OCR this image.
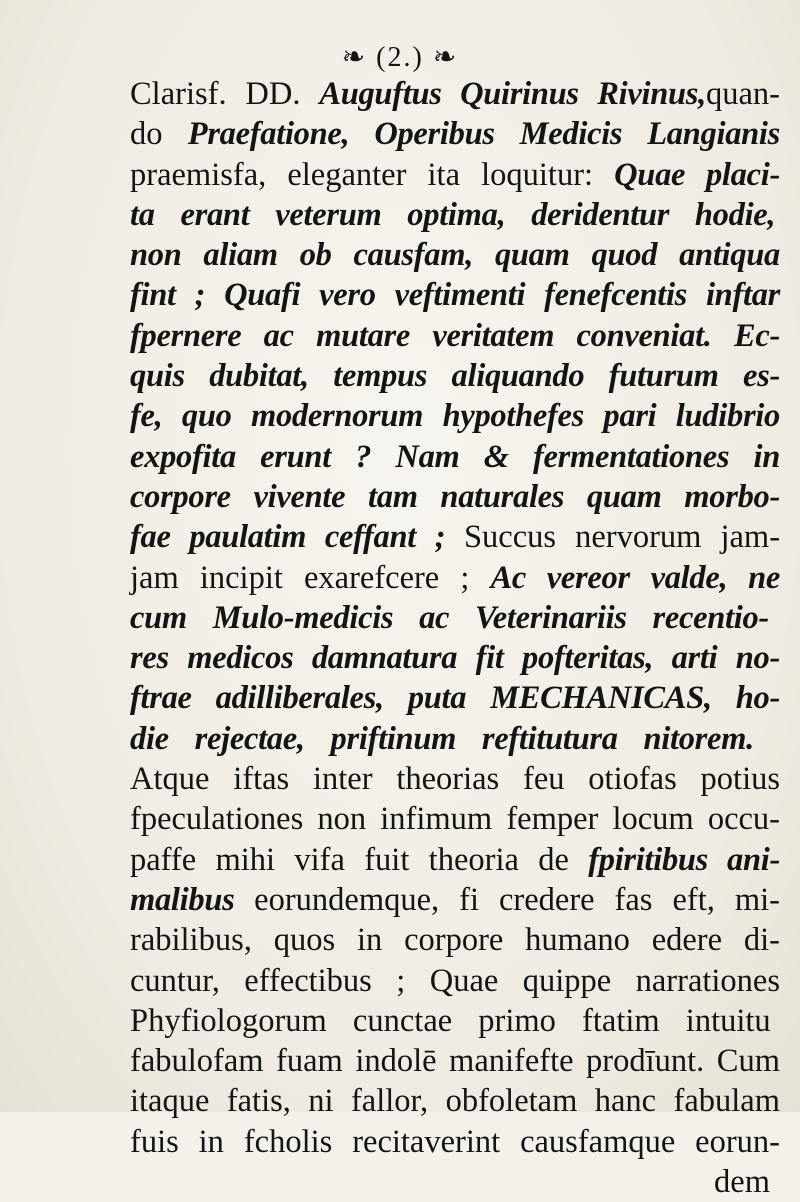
❧ (2.) ❧
Clarisf. DD. Auguftus Quirinus Rivinus,quan-
do Praefatione, Operibus Medicis Langianis
praemisfa, eleganter ita loquitur: Quae placi-
ta erant veterum optima, deridentur hodie,
non aliam ob causfam, quam quod antiqua
fint ; Quafi vero veftimenti fenefcentis inftar
fpernere ac mutare veritatem conveniat. Ec-
quis dubitat, tempus aliquando futurum es-
fe, quo modernorum hypothefes pari ludibrio
expofita erunt ? Nam & fermentationes in
corpore vivente tam naturales quam morbo-
fae paulatim ceffant ; Succus nervorum jam-
jam incipit exarefcere ; Ac vereor valde, ne
cum Mulo-medicis ac Veterinariis recentio-
res medicos damnatura fit pofteritas, arti no-
ftrae adilliberales, puta MECHANICAS, ho-
die rejectae, priftinum reftitutura nitorem.
Atque iftas inter theorias feu otiofas potius
fpeculationes non infimum femper locum occu-
paffe mihi vifa fuit theoria de fpiritibus ani-
malibus eorundemque, fi credere fas eft, mi-
rabilibus, quos in corpore humano edere di-
cuntur, effectibus ; Quae quippe narrationes
Phyfiologorum cunctae primo ftatim intuitu
fabulofam fuam indolē manifefte prodīunt. Cum
itaque fatis, ni fallor, obfoletam hanc fabulam
fuis in fcholis recitaverint causfamque eorun-
dem
